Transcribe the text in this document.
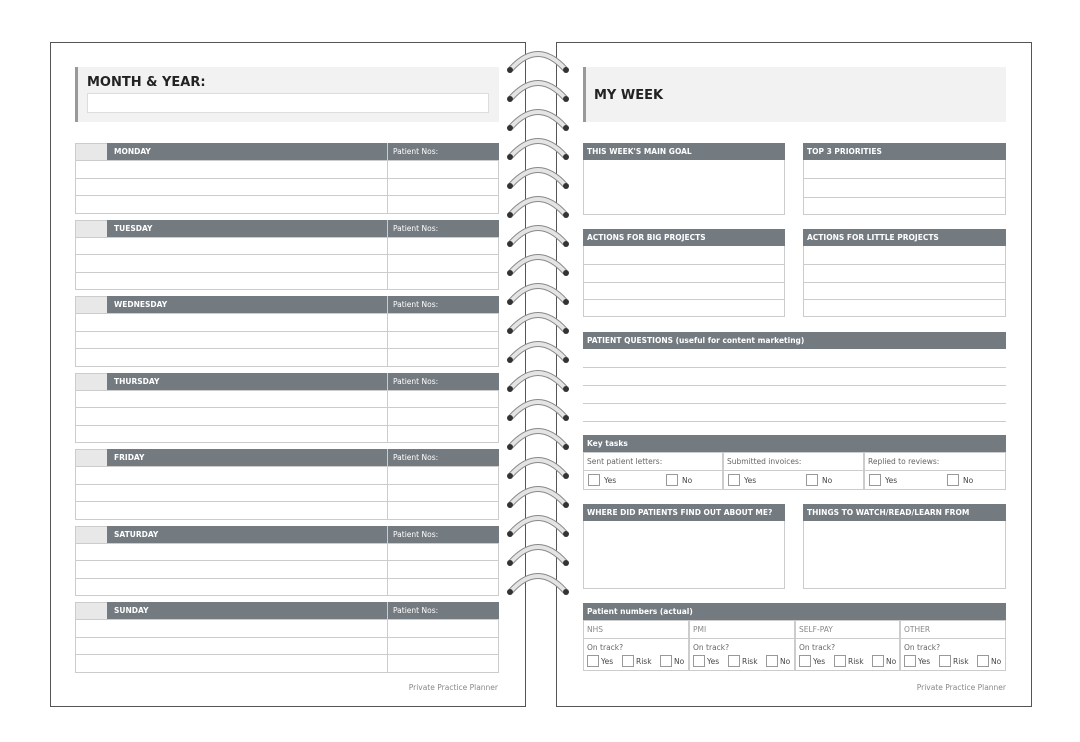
MONTH & YEAR:
MONDAY	Patient Nos:
TUESDAY	Patient Nos:
WEDNESDAY	Patient Nos:
THURSDAY	Patient Nos:
FRIDAY	Patient Nos:
SATURDAY	Patient Nos:
SUNDAY	Patient Nos:
Private Practice Planner
MY WEEK
THIS WEEK'S MAIN GOAL	TOP 3 PRIORITIES
ACTIONS FOR BIG PROJECTS	ACTIONS FOR LITTLE PROJECTS
PATIENT QUESTIONS (useful for content marketing)
Key tasks
Sent patient letters:
Yes	No
Submitted invoices:
Yes	No
Replied to reviews:
Yes	No
WHERE DID PATIENTS FIND OUT ABOUT ME?	THINGS TO WATCH/READ/LEARN FROM
Patient numbers (actual)
NHS
On track?
Yes	Risk	No
PMI
On track?
Yes	Risk	No
SELF-PAY
On track?
Yes	Risk	No
OTHER
On track?
Yes	Risk	No
Private Practice Planner
